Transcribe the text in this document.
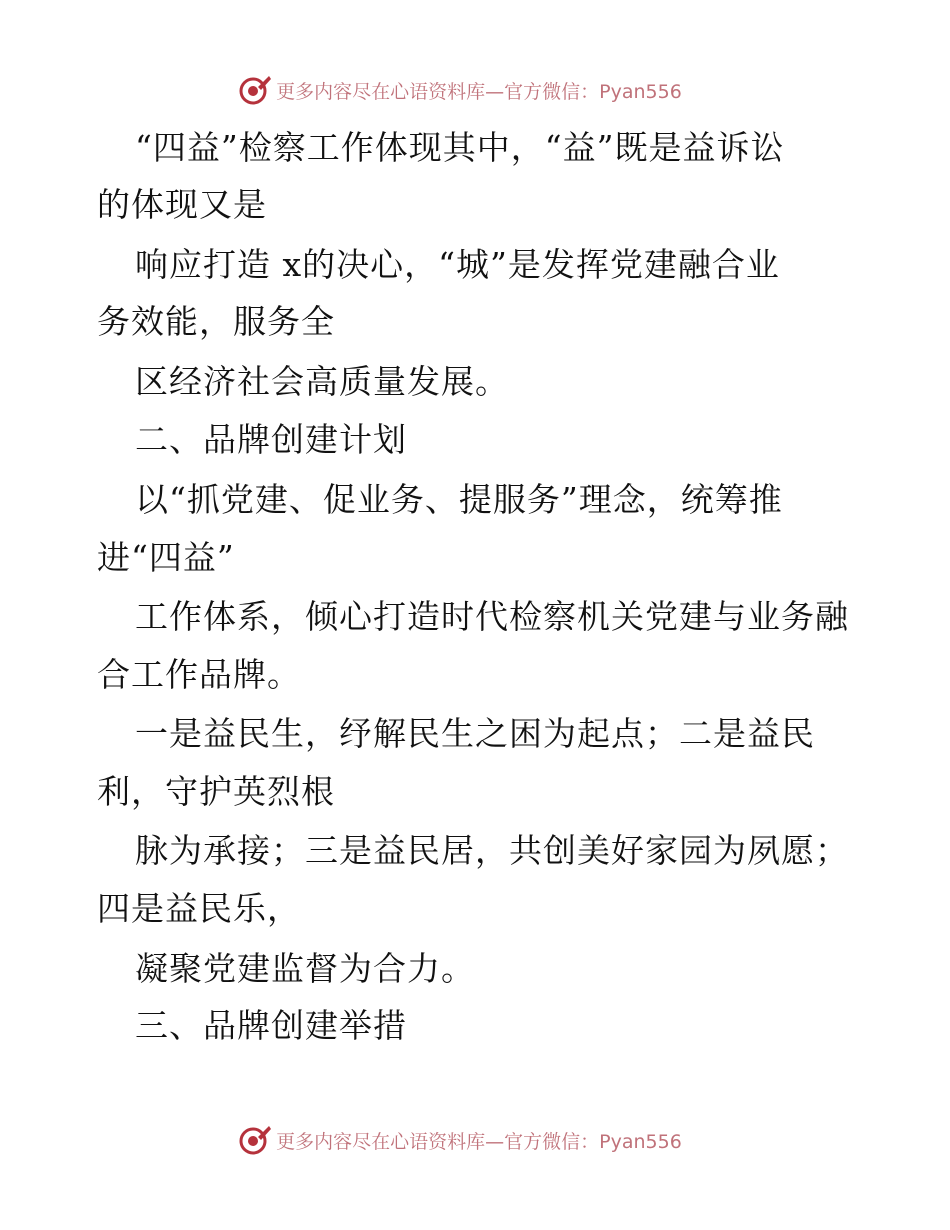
更多内容尽在心语资料库—官方微信：Pyan556
“四益”检察工作体现其中，“益”既是益诉讼
的体现又是
响应打造 x的决心，“城”是发挥党建融合业
务效能，服务全
区经济社会高质量发展。
二、品牌创建计划
以“抓党建、促业务、提服务”理念，统筹推
进“四益”
工作体系，倾心打造时代检察机关党建与业务融
合工作品牌。
一是益民生，纾解民生之困为起点；二是益民
利，守护英烈根
脉为承接；三是益民居，共创美好家园为夙愿；
四是益民乐，
凝聚党建监督为合力。
三、品牌创建举措
更多内容尽在心语资料库—官方微信：Pyan556
